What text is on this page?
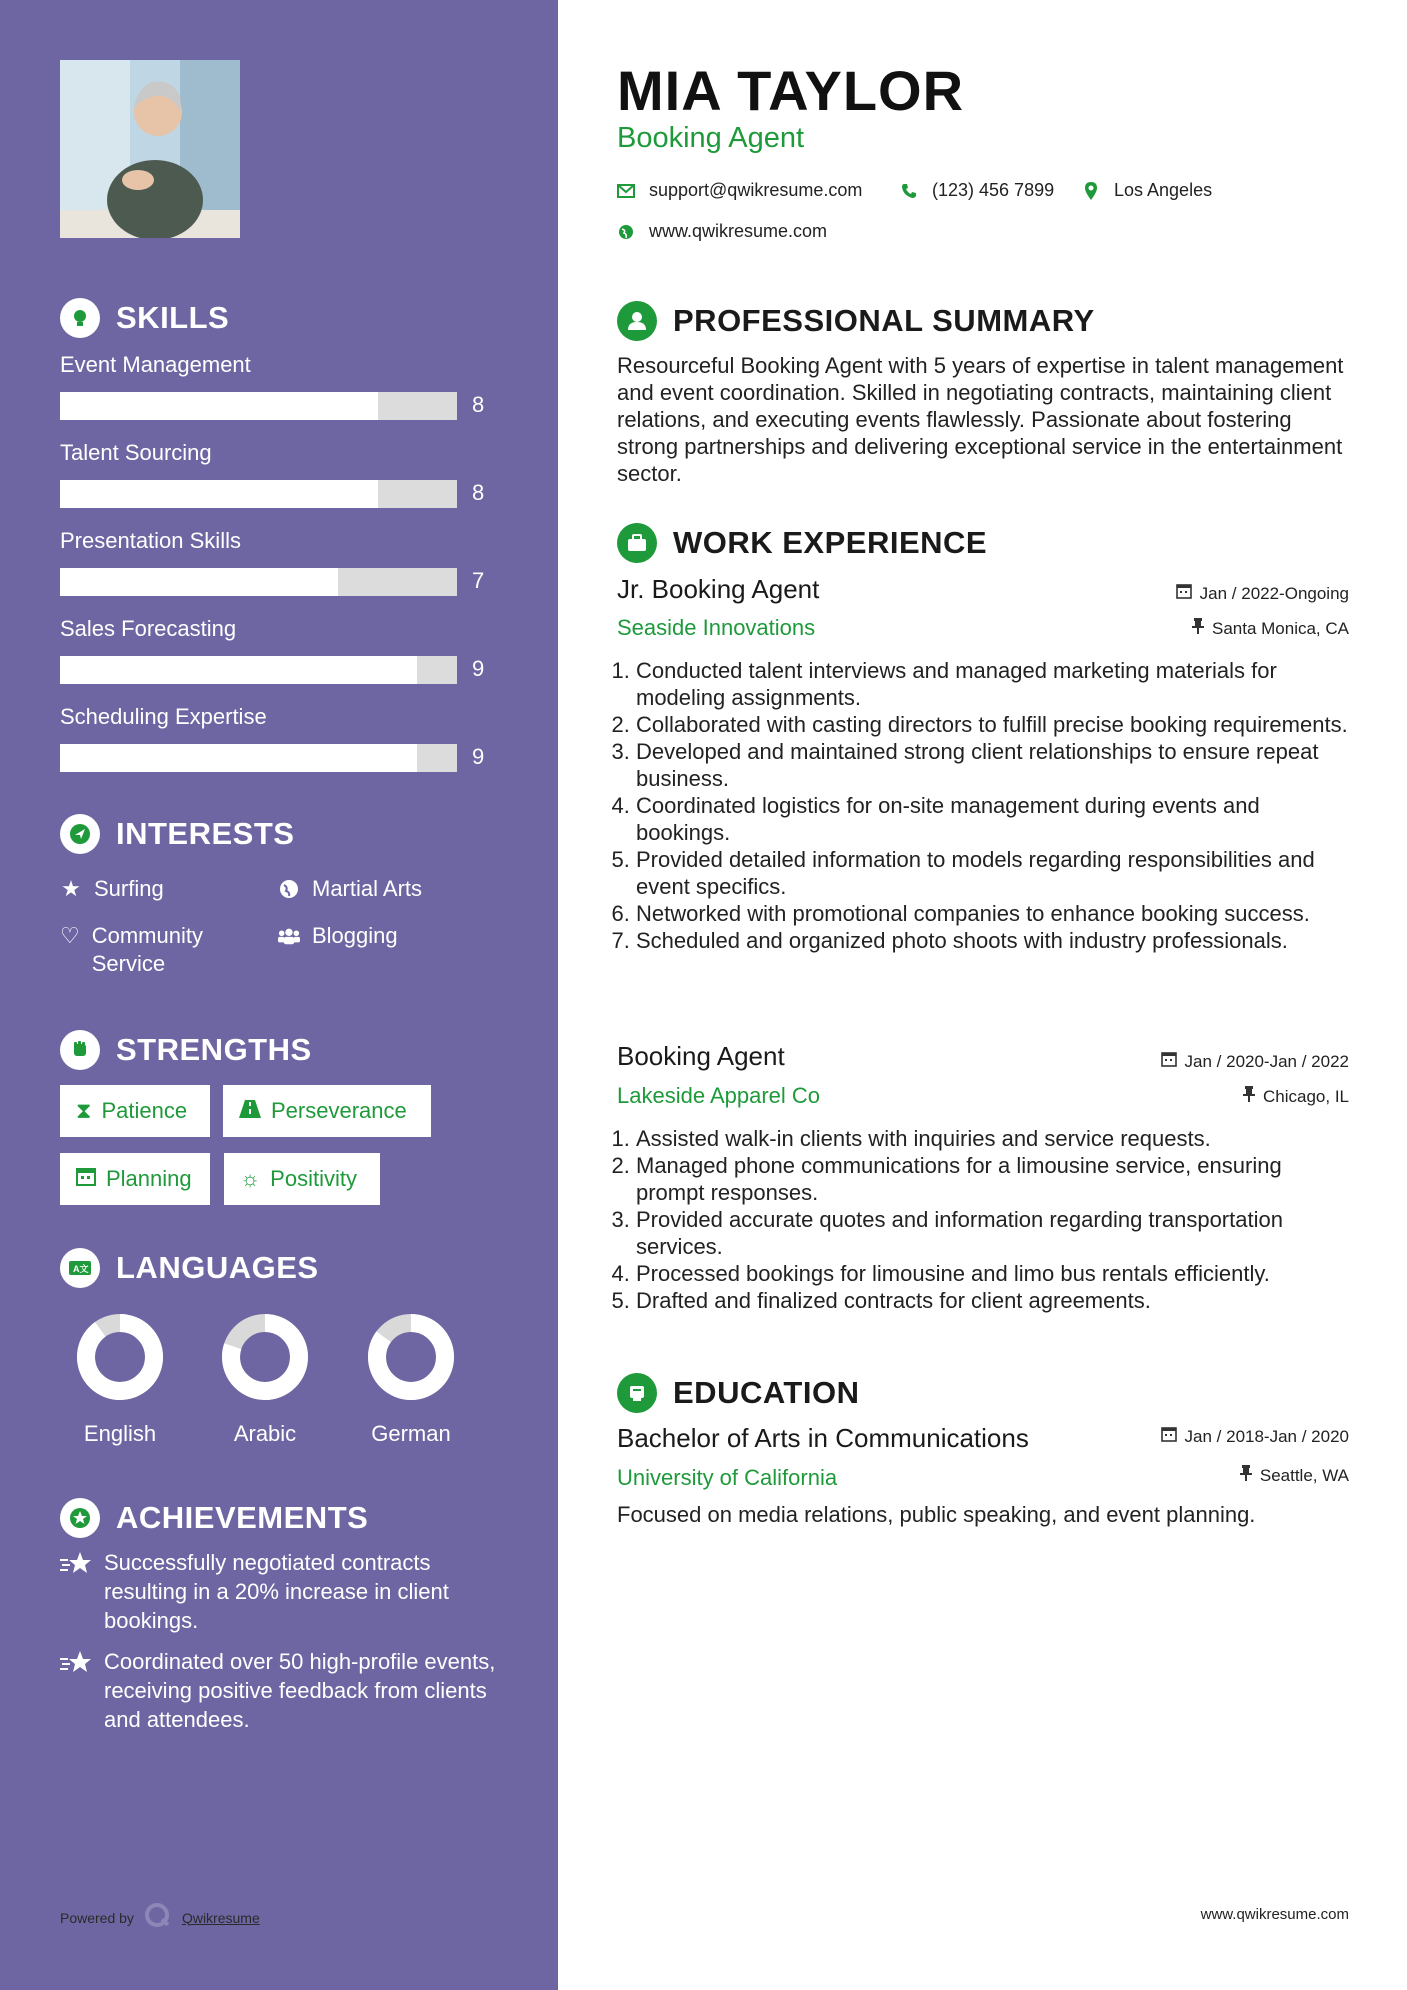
SKILLS
INTERESTS
★ Surfing	Martial Arts
♡ Community Service
Blogging
STRENGTHS
⧗ Patience	Perseverance
Planning ☼ Positivity
A文 LANGUAGES
ACHIEVEMENTS
Successfully negotiated contracts resulting in a 20% increase in client bookings.
Coordinated over 50 high-profile events, receiving positive feedback from clients and attendees.
Powered by	Qwikresume
Event Management
8
Talent Sourcing
8
Presentation Skills
7
Sales Forecasting
9
Scheduling Expertise
9
English	Arabic	German
MIA TAYLOR
Booking Agent
support@qwikresume.com	(123) 456 7899	Los Angeles
www.qwikresume.com
PROFESSIONAL SUMMARY
Resourceful Booking Agent with 5 years of expertise in talent management and event coordination. Skilled in negotiating contracts, maintaining client relations, and executing events flawlessly. Passionate about fostering strong partnerships and delivering exceptional service in the entertainment sector.
WORK EXPERIENCE
Jr. Booking Agent	Jan / 2022-Ongoing
Seaside Innovations	Santa Monica, CA
1. Conducted talent interviews and managed marketing materials for modeling assignments.
2. Collaborated with casting directors to fulfill precise booking requirements.
3. Developed and maintained strong client relationships to ensure repeat business.
4. Coordinated logistics for on-site management during events and bookings.
5. Provided detailed information to models regarding responsibilities and event specifics.
6. Networked with promotional companies to enhance booking success.
7. Scheduled and organized photo shoots with industry professionals.
Booking Agent	Jan / 2020-Jan / 2022
Lakeside Apparel Co	Chicago, IL
1. Assisted walk-in clients with inquiries and service requests.
2. Managed phone communications for a limousine service, ensuring prompt responses.
3. Provided accurate quotes and information regarding transportation services.
4. Processed bookings for limousine and limo bus rentals efficiently.
5. Drafted and finalized contracts for client agreements.
EDUCATION
Bachelor of Arts in Communications	Jan / 2018-Jan / 2020
University of California	Seattle, WA
Focused on media relations, public speaking, and event planning.
www.qwikresume.com
